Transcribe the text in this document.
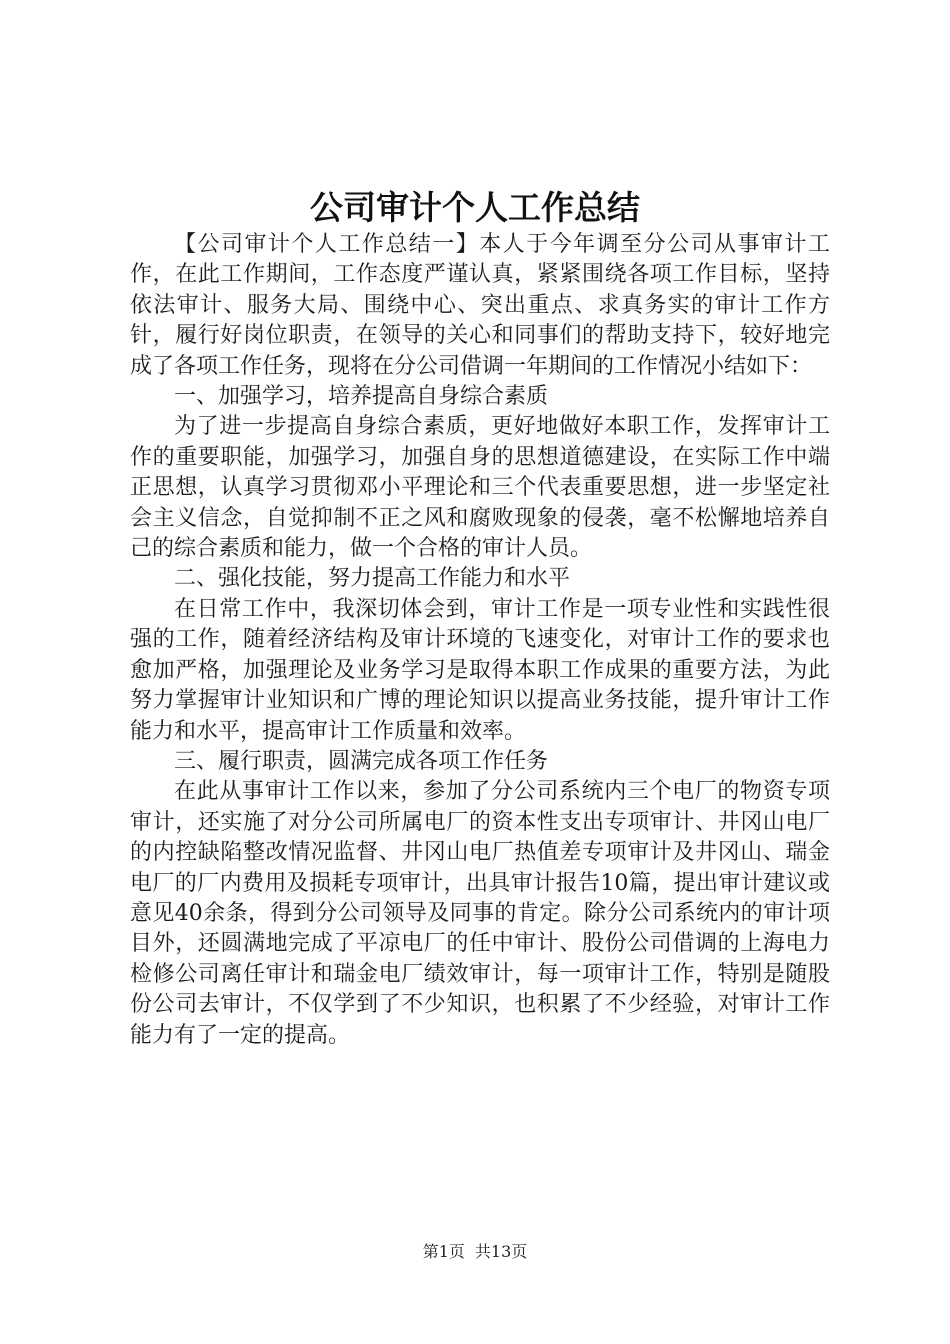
公司审计个人工作总结

【公司审计个人工作总结一】本人于今年调至分公司从事审计工作，在此工作期间，工作态度严谨认真，紧紧围绕各项工作目标，坚持依法审计、服务大局、围绕中心、突出重点、求真务实的审计工作方针，履行好岗位职责，在领导的关心和同事们的帮助支持下，较好地完成了各项工作任务，现将在分公司借调一年期间的工作情况小结如下：

一、加强学习，培养提高自身综合素质

为了进一步提高自身综合素质，更好地做好本职工作，发挥审计工作的重要职能，加强学习，加强自身的思想道德建设，在实际工作中端正思想，认真学习贯彻邓小平理论和三个代表重要思想，进一步坚定社会主义信念，自觉抑制不正之风和腐败现象的侵袭，毫不松懈地培养自己的综合素质和能力，做一个合格的审计人员。

二、强化技能，努力提高工作能力和水平

在日常工作中，我深切体会到，审计工作是一项专业性和实践性很强的工作，随着经济结构及审计环境的飞速变化，对审计工作的要求也愈加严格，加强理论及业务学习是取得本职工作成果的重要方法，为此努力掌握审计业知识和广博的理论知识以提高业务技能，提升审计工作能力和水平，提高审计工作质量和效率。

三、履行职责，圆满完成各项工作任务

在此从事审计工作以来，参加了分公司系统内三个电厂的物资专项审计，还实施了对分公司所属电厂的资本性支出专项审计、井冈山电厂的内控缺陷整改情况监督、井冈山电厂热值差专项审计及井冈山、瑞金电厂的厂内费用及损耗专项审计，出具审计报告10篇，提出审计建议或意见40余条，得到分公司领导及同事的肯定。除分公司系统内的审计项目外，还圆满地完成了平凉电厂的任中审计、股份公司借调的上海电力检修公司离任审计和瑞金电厂绩效审计，每一项审计工作，特别是随股份公司去审计，不仅学到了不少知识，也积累了不少经验，对审计工作能力有了一定的提高。

第1页 共13页
